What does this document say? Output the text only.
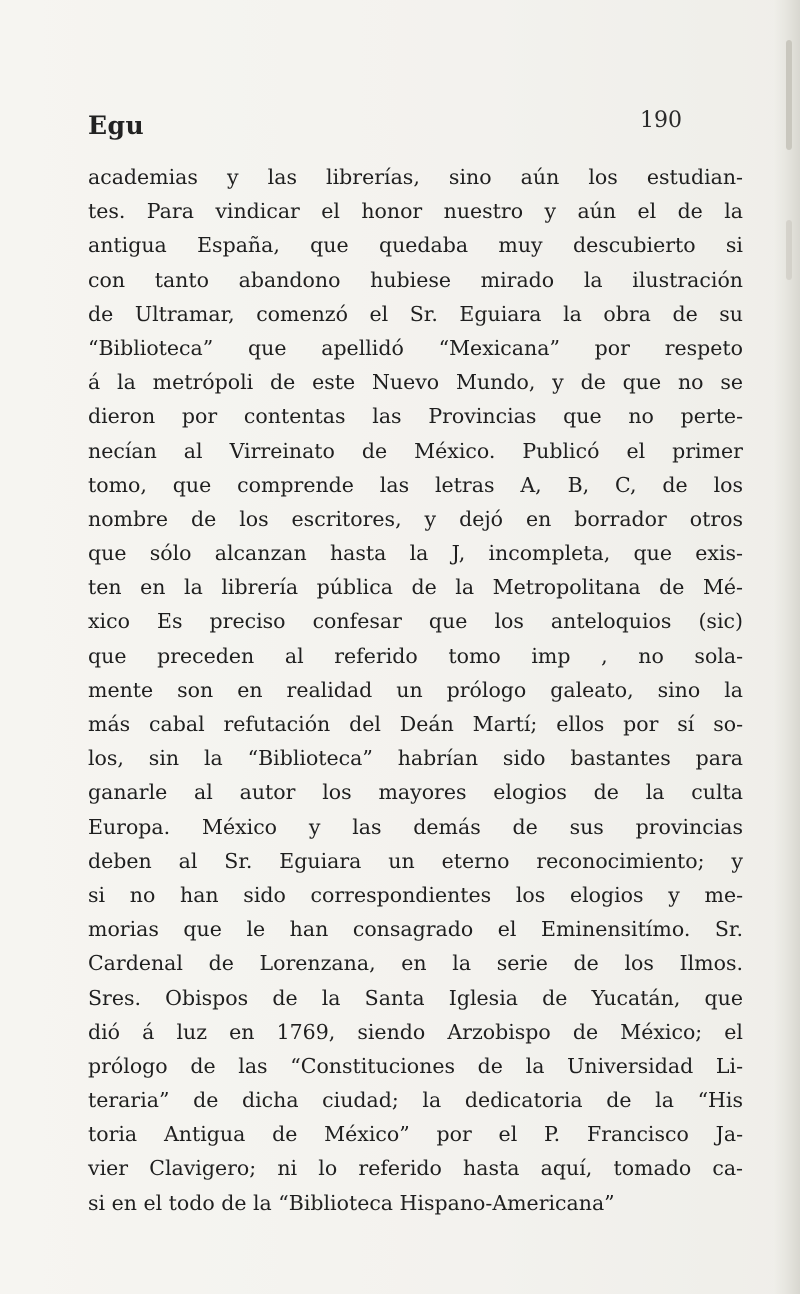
Egu	190
academias y las librerías, sino aún los estudian-
tes. Para vindicar el honor nuestro y aún el de la
antigua España, que quedaba muy descubierto si
con tanto abandono hubiese mirado la ilustración
de Ultramar, comenzó el Sr. Eguiara la obra de su
“Biblioteca” que apellidó “Mexicana” por respeto
á la metrópoli de este Nuevo Mundo, y de que no se
dieron por contentas las Provincias que no perte-
necían al Virreinato de México. Publicó el primer
tomo, que comprende las letras A, B, C, de los
nombre de los escritores, y dejó en borrador otros
que sólo alcanzan hasta la J, incompleta, que exis-
ten en la librería pública de la Metropolitana de Mé-
xico Es preciso confesar que los anteloquios (sic)
que preceden al referido tomo imp , no sola-
mente son en realidad un prólogo galeato, sino la
más cabal refutación del Deán Martí; ellos por sí so-
los, sin la “Biblioteca” habrían sido bastantes para
ganarle al autor los mayores elogios de la culta
Europa. México y las demás de sus provincias
deben al Sr. Eguiara un eterno reconocimiento; y
si no han sido correspondientes los elogios y me-
morias que le han consagrado el Eminensitímo. Sr.
Cardenal de Lorenzana, en la serie de los Ilmos.
Sres. Obispos de la Santa Iglesia de Yucatán, que
dió á luz en 1769, siendo Arzobispo de México; el
prólogo de las “Constituciones de la Universidad Li-
teraria” de dicha ciudad; la dedicatoria de la “His
toria Antigua de México” por el P. Francisco Ja-
vier Clavigero; ni lo referido hasta aquí, tomado ca-
si en el todo de la “Biblioteca Hispano-Americana”
